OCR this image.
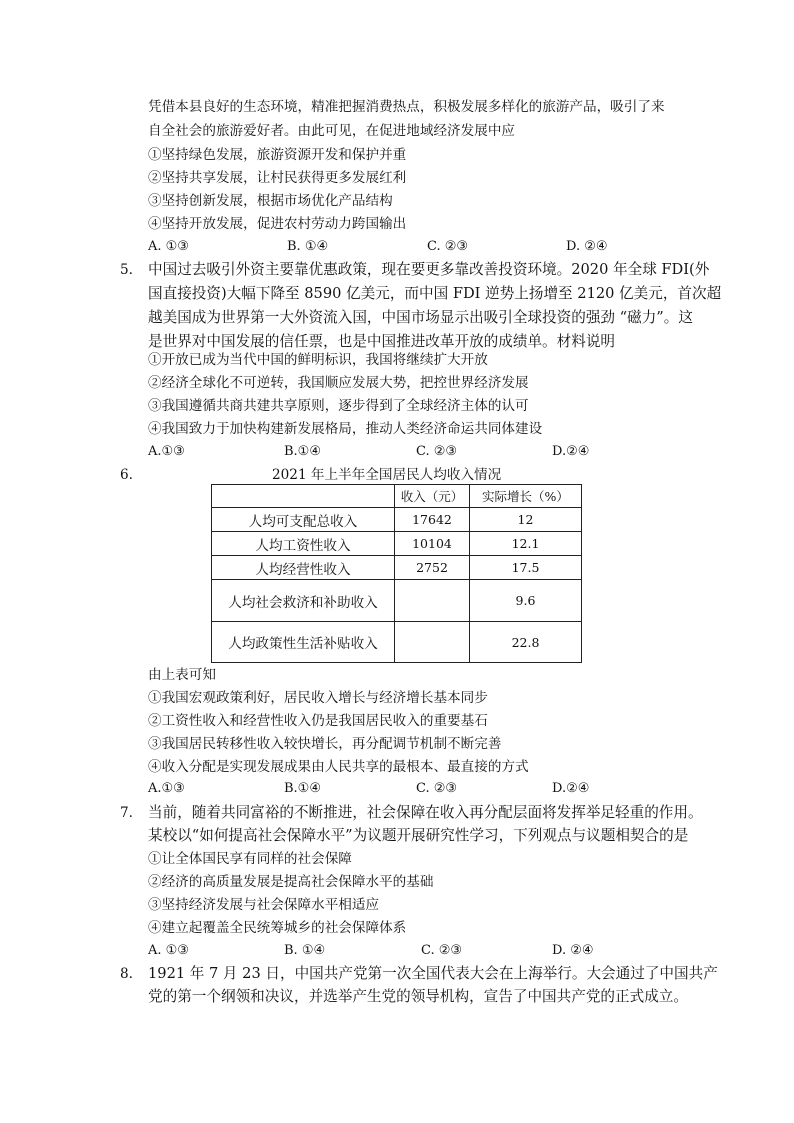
凭借本县良好的生态环境，精准把握消费热点，积极发展多样化的旅游产品，吸引了来
自全社会的旅游爱好者。由此可见，在促进地域经济发展中应
①坚持绿色发展，旅游资源开发和保护并重
②坚持共享发展，让村民获得更多发展红利
③坚持创新发展，根据市场优化产品结构
④坚持开放发展，促进农村劳动力跨国输出
A. ①③	B. ①④	C. ②③	D. ②④
5. 中国过去吸引外资主要靠优惠政策，现在要更多靠改善投资环境。2020 年全球 FDI(外
国直接投资)大幅下降至 8590 亿美元，而中国 FDI 逆势上扬增至 2120 亿美元，首次超
越美国成为世界第一大外资流入国，中国市场显示出吸引全球投资的强劲 “磁力”。这
是世界对中国发展的信任票，也是中国推进改革开放的成绩单。材料说明
①开放已成为当代中国的鲜明标识，我国将继续扩大开放
②经济全球化不可逆转，我国顺应发展大势，把控世界经济发展
③我国遵循共商共建共享原则，逐步得到了全球经济主体的认可
④我国致力于加快构建新发展格局，推动人类经济命运共同体建设
A.①③	B.①④	C. ②③	D.②④
6.	2021 年上半年全国居民人均收入情况
	收入（元）	实际增长（%）
人均可支配总收入	17642	12
人均工资性收入	10104	12.1
人均经营性收入	2752	17.5
人均社会救济和补助收入		9.6
人均政策性生活补贴收入		22.8
由上表可知
①我国宏观政策利好，居民收入增长与经济增长基本同步
②工资性收入和经营性收入仍是我国居民收入的重要基石
③我国居民转移性收入较快增长，再分配调节机制不断完善
④收入分配是实现发展成果由人民共享的最根本、最直接的方式
A.①③	B.①④	C. ②③	D.②④
7. 当前，随着共同富裕的不断推进，社会保障在收入再分配层面将发挥举足轻重的作用。
某校以“如何提高社会保障水平”为议题开展研究性学习，下列观点与议题相契合的是
①让全体国民享有同样的社会保障
②经济的高质量发展是提高社会保障水平的基础
③坚持经济发展与社会保障水平相适应
④建立起覆盖全民统筹城乡的社会保障体系
A. ①③	B. ①④	C. ②③	D. ②④
8. 1921 年 7 月 23 日，中国共产党第一次全国代表大会在上海举行。大会通过了中国共产
党的第一个纲领和决议，并选举产生党的领导机构，宣告了中国共产党的正式成立。
